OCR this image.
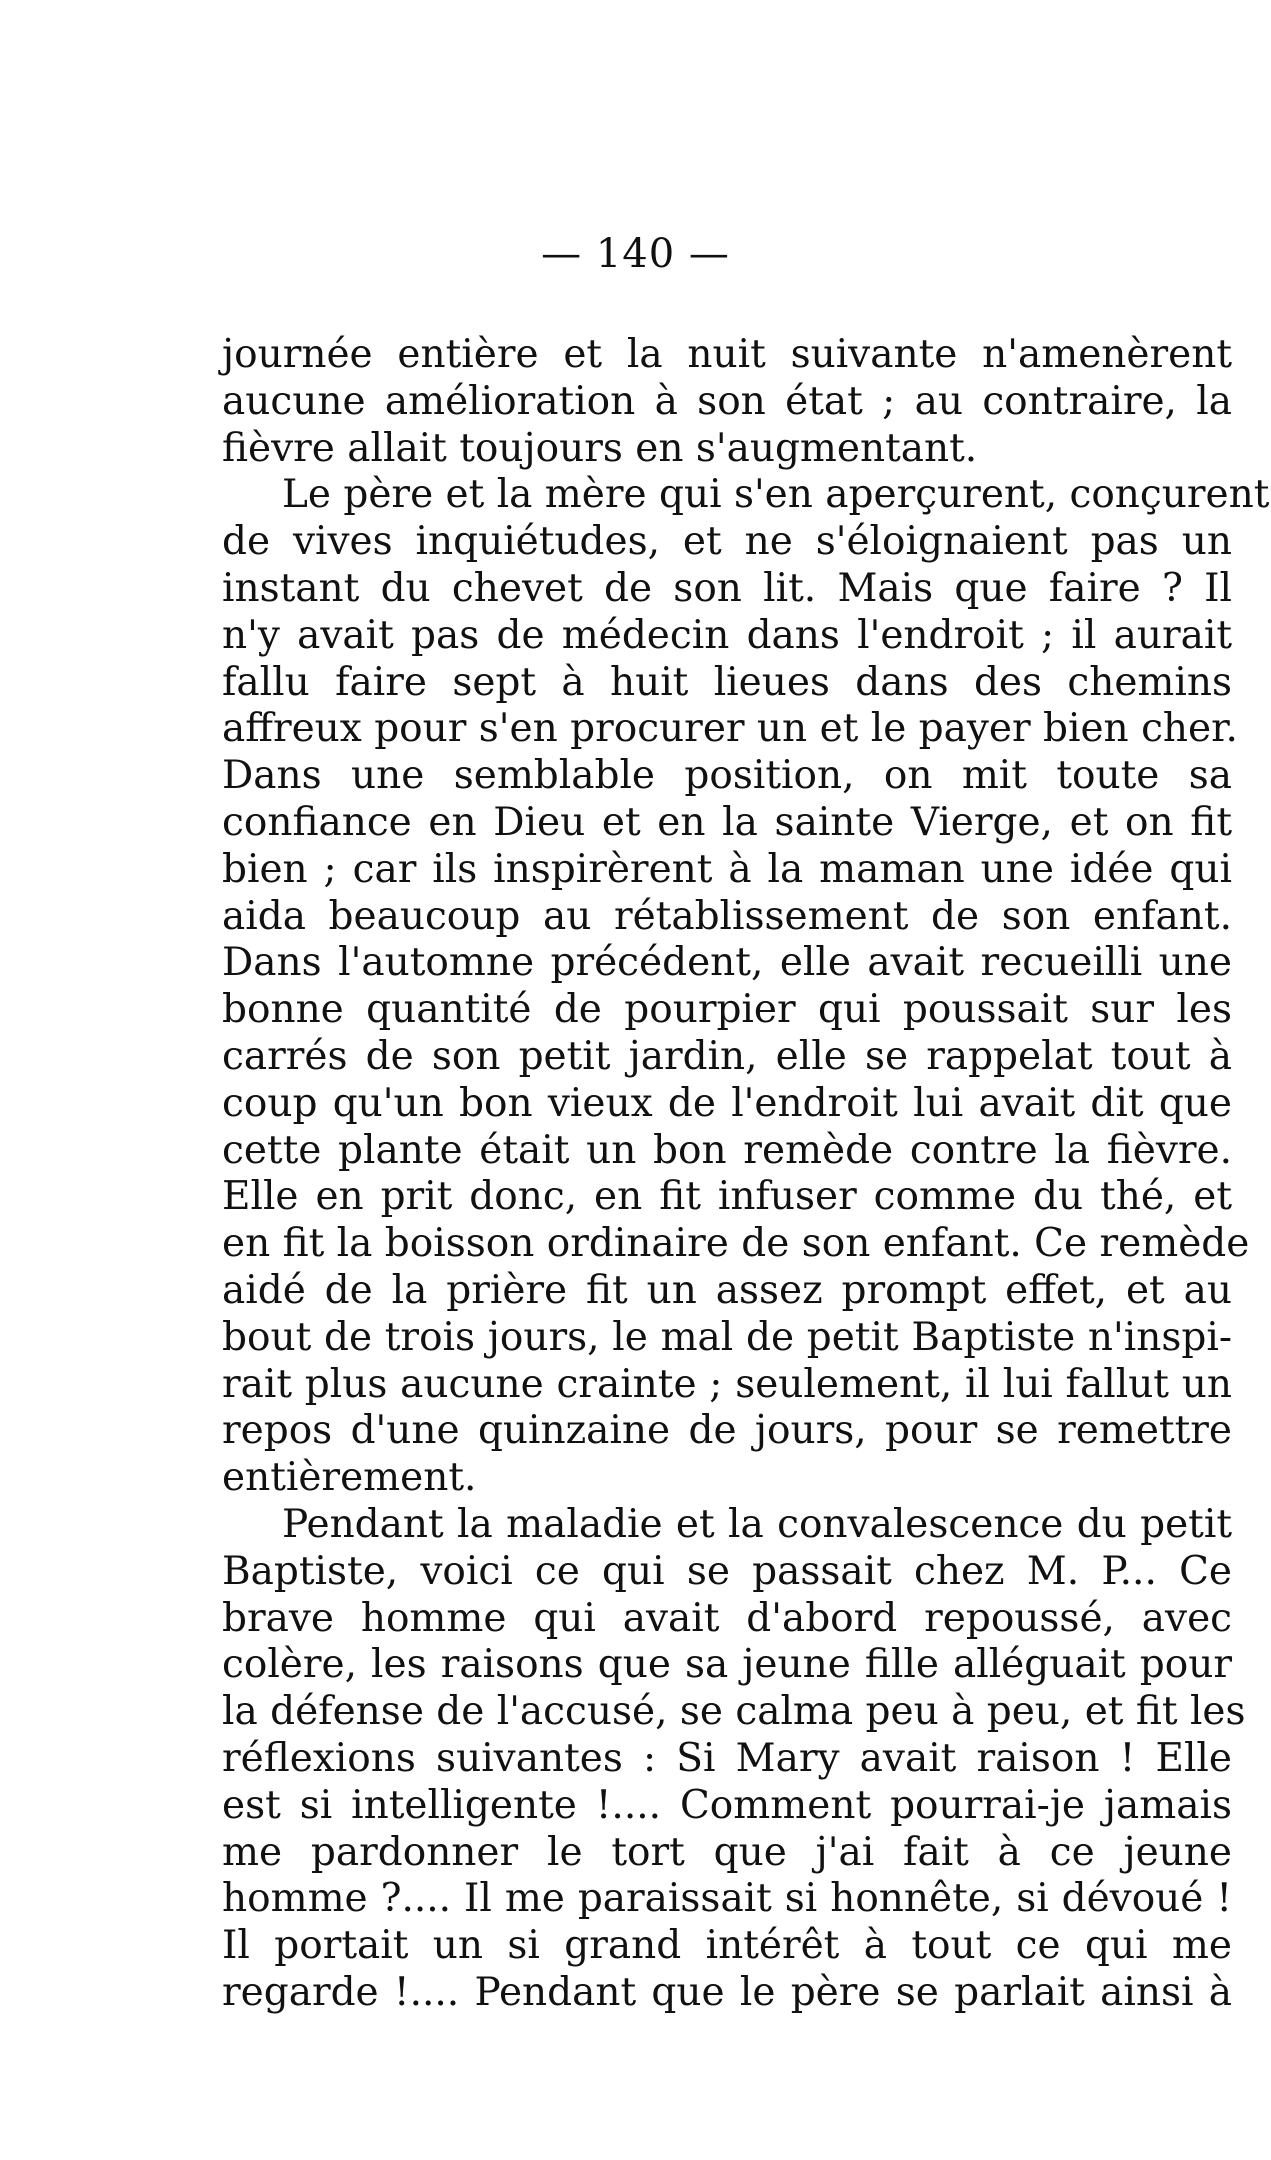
— 140 —
journée entière et la nuit suivante n'amenèrent
aucune amélioration à son état ; au contraire, la
fièvre allait toujours en s'augmentant.
Le père et la mère qui s'en aperçurent, conçurent
de vives inquiétudes, et ne s'éloignaient pas un
instant du chevet de son lit. Mais que faire ? Il
n'y avait pas de médecin dans l'endroit ; il aurait
fallu faire sept à huit lieues dans des chemins
affreux pour s'en procurer un et le payer bien cher.
Dans une semblable position, on mit toute sa
confiance en Dieu et en la sainte Vierge, et on fit
bien ; car ils inspirèrent à la maman une idée qui
aida beaucoup au rétablissement de son enfant.
Dans l'automne précédent, elle avait recueilli une
bonne quantité de pourpier qui poussait sur les
carrés de son petit jardin, elle se rappelat tout à
coup qu'un bon vieux de l'endroit lui avait dit que
cette plante était un bon remède contre la fièvre.
Elle en prit donc, en fit infuser comme du thé, et
en fit la boisson ordinaire de son enfant. Ce remède
aidé de la prière fit un assez prompt effet, et au
bout de trois jours, le mal de petit Baptiste n'inspi-
rait plus aucune crainte ; seulement, il lui fallut un
repos d'une quinzaine de jours, pour se remettre
entièrement.
Pendant la maladie et la convalescence du petit
Baptiste, voici ce qui se passait chez M. P... Ce
brave homme qui avait d'abord repoussé, avec
colère, les raisons que sa jeune fille alléguait pour
la défense de l'accusé, se calma peu à peu, et fit les
réflexions suivantes : Si Mary avait raison ! Elle
est si intelligente !.... Comment pourrai-je jamais
me pardonner le tort que j'ai fait à ce jeune
homme ?.... Il me paraissait si honnête, si dévoué !
Il portait un si grand intérêt à tout ce qui me
regarde !.... Pendant que le père se parlait ainsi à
